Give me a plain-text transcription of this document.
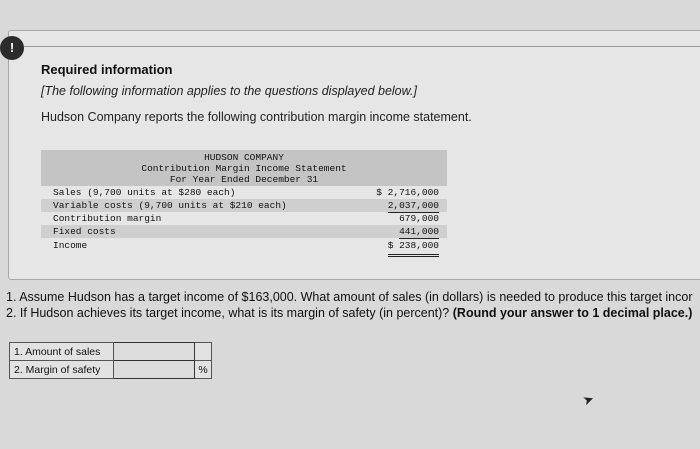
!
Required information
[The following information applies to the questions displayed below.]
Hudson Company reports the following contribution margin income statement.
HUDSON COMPANY
Contribution Margin Income Statement
For Year Ended December 31
Sales (9,700 units at $280 each)	$ 2,716,000
Variable costs (9,700 units at $210 each)	2,037,000
Contribution margin	679,000
Fixed costs	441,000
Income	$ 238,000
1. Assume Hudson has a target income of $163,000. What amount of sales (in dollars) is needed to produce this target incor
2. If Hudson achieves its target income, what is its margin of safety (in percent)? (Round your answer to 1 decimal place.)
1. Amount of sales		
2. Margin of safety		%
➤
